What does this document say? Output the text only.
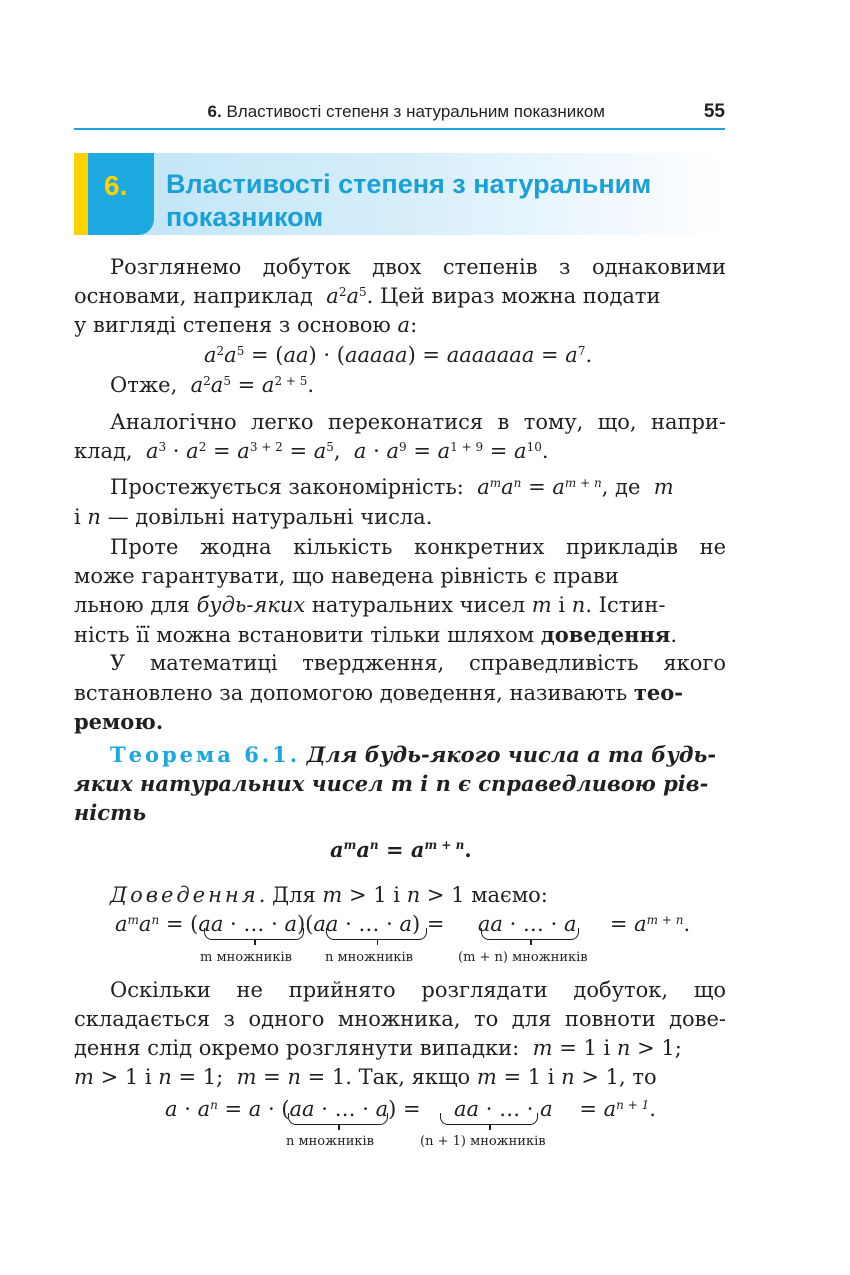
6. Властивості степеня з натуральним показником	55
6. Властивості степеня з натуральним
показником
Розглянемо добуток двох степенів з однаковими
основами, наприклад $a^2a^5$. Цей вираз можна подати
у вигляді степеня з основою a:
$a^2a^5 = (aa)$ · (aaaaa) = aaaaaaa = $a^7$.
Отже, $a^2a^5 = a^{2 + 5}$.
Аналогічно легко переконатися в тому, що, напри-
клад, $a^3 \cdot a^2 = a^{3 + 2} = a^5$,  $a \cdot a^9 = a^{1 + 9} = a^{10}$.
Простежується закономірність: $a^ma^n = a^{m + n}$, де m
і n — довільні натуральні числа.
Проте жодна кількість конкретних прикладів не
може гарантувати, що наведена рівність є прави
льною для будь-яких натуральних чисел m і n. Істин-
ність її можна встановити тільки шляхом доведення.
У математиці твердження, справедливість якого
встановлено за допомогою доведення, називають тео-
ремою.
Теорема 6.1. Для будь-якого числа a та будь-
яких натуральних чисел m і n є справедливою рів-
ність
$a^ma^n = a^{m + n}$.
Доведення. Для m > 1 і n > 1 маємо:
$a^ma^n = (aa$ · … · a)(aa · … · a) =     aa · … · a     = $a^{m + n}$.
m множників	n множників	(m + n) множників
Оскільки не прийнято розглядати добуток, що
складається з одного множника, то для повноти дове-
дення слід окремо розглянути випадки: m = 1 і n > 1;
m > 1 і n = 1;  m = n = 1. Так, якщо m = 1 і n > 1, то
$a \cdot a^n = a \cdot (aa$ · … · a) =     aa · … · a    = $a^{n + 1}$.
n множників	(n + 1) множників
